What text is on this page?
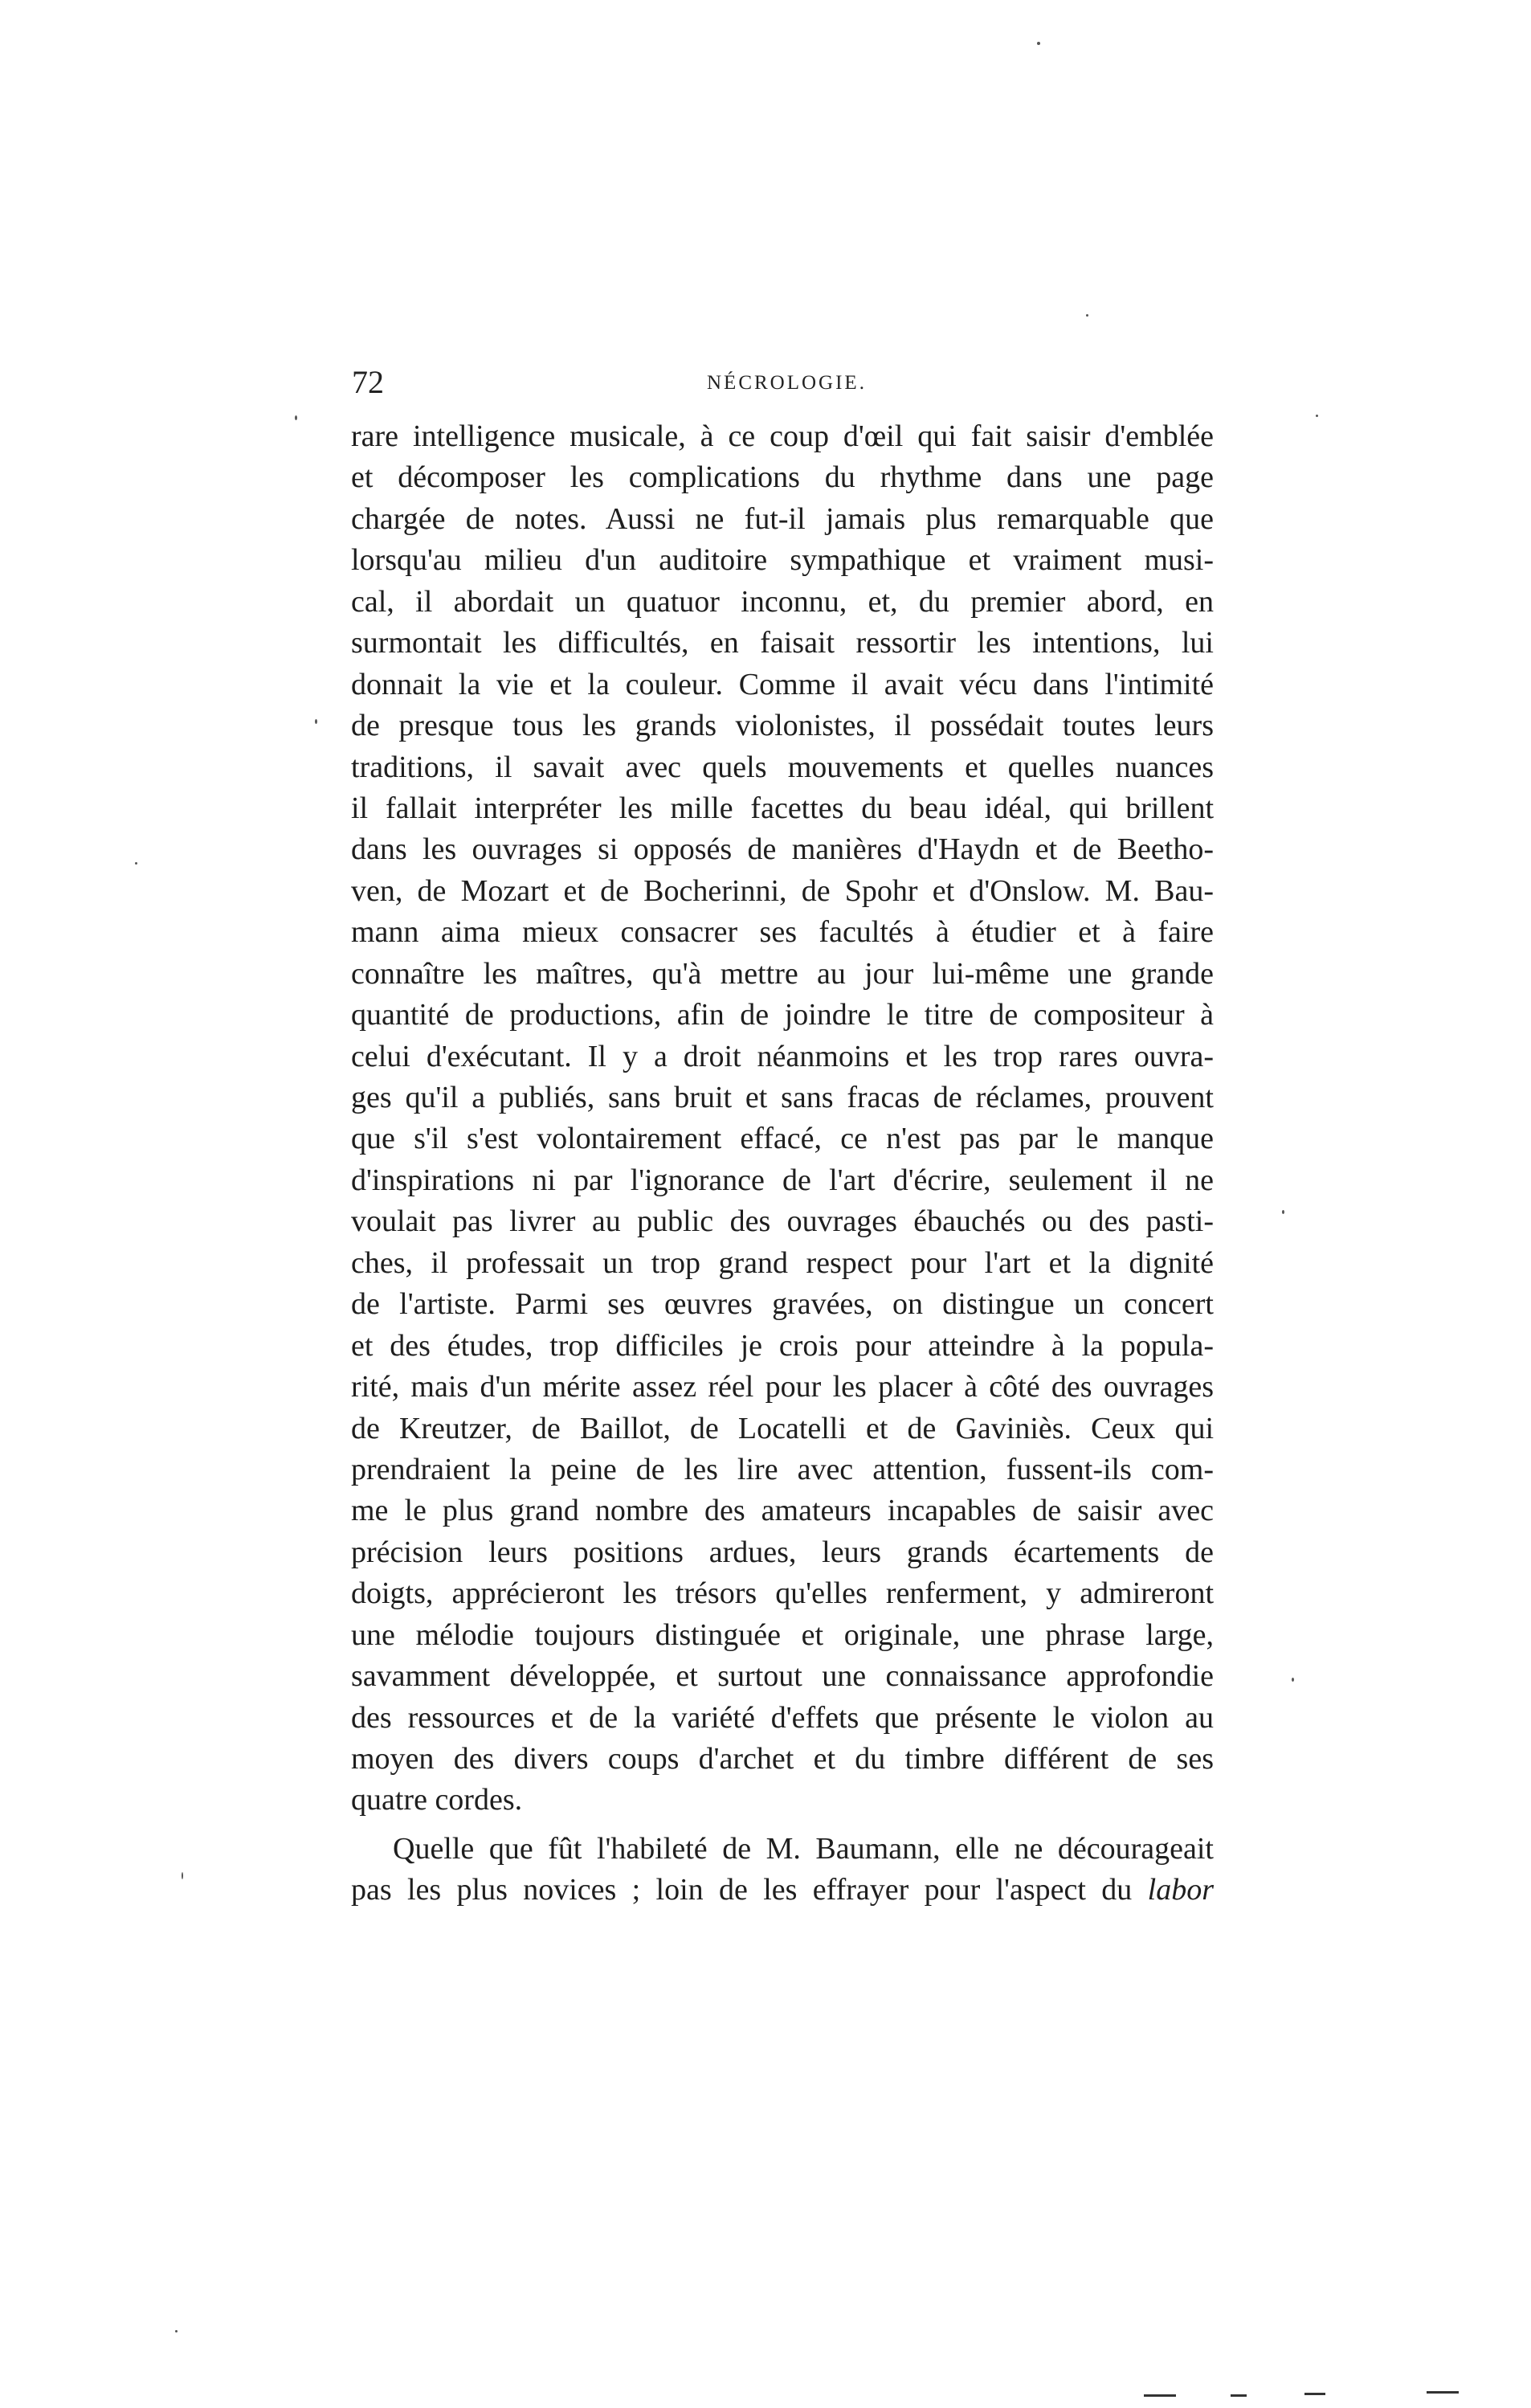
72	NÉCROLOGIE.
rare intelligence musicale, à ce coup d'œil qui fait saisir d'emblée
et décomposer les complications du rhythme dans une page
chargée de notes. Aussi ne fut-il jamais plus remarquable que
lorsqu'au milieu d'un auditoire sympathique et vraiment musi-
cal, il abordait un quatuor inconnu, et, du premier abord, en
surmontait les difficultés, en faisait ressortir les intentions, lui
donnait la vie et la couleur. Comme il avait vécu dans l'intimité
de presque tous les grands violonistes, il possédait toutes leurs
traditions, il savait avec quels mouvements et quelles nuances
il fallait interpréter les mille facettes du beau idéal, qui brillent
dans les ouvrages si opposés de manières d'Haydn et de Beetho-
ven, de Mozart et de Bocherinni, de Spohr et d'Onslow. M. Bau-
mann aima mieux consacrer ses facultés à étudier et à faire
connaître les maîtres, qu'à mettre au jour lui-même une grande
quantité de productions, afin de joindre le titre de compositeur à
celui d'exécutant. Il y a droit néanmoins et les trop rares ouvra-
ges qu'il a publiés, sans bruit et sans fracas de réclames, prouvent
que s'il s'est volontairement effacé, ce n'est pas par le manque
d'inspirations ni par l'ignorance de l'art d'écrire, seulement il ne
voulait pas livrer au public des ouvrages ébauchés ou des pasti-
ches, il professait un trop grand respect pour l'art et la dignité
de l'artiste. Parmi ses œuvres gravées, on distingue un concert
et des études, trop difficiles je crois pour atteindre à la popula-
rité, mais d'un mérite assez réel pour les placer à côté des ouvrages
de Kreutzer, de Baillot, de Locatelli et de Gaviniès. Ceux qui
prendraient la peine de les lire avec attention, fussent-ils com-
me le plus grand nombre des amateurs incapables de saisir avec
précision leurs positions ardues, leurs grands écartements de
doigts, apprécieront les trésors qu'elles renferment, y admireront
une mélodie toujours distinguée et originale, une phrase large,
savamment développée, et surtout une connaissance approfondie
des ressources et de la variété d'effets que présente le violon au
moyen des divers coups d'archet et du timbre différent de ses
quatre cordes.
Quelle que fût l'habileté de M. Baumann, elle ne décourageait
pas les plus novices ; loin de les effrayer pour l'aspect du labor
